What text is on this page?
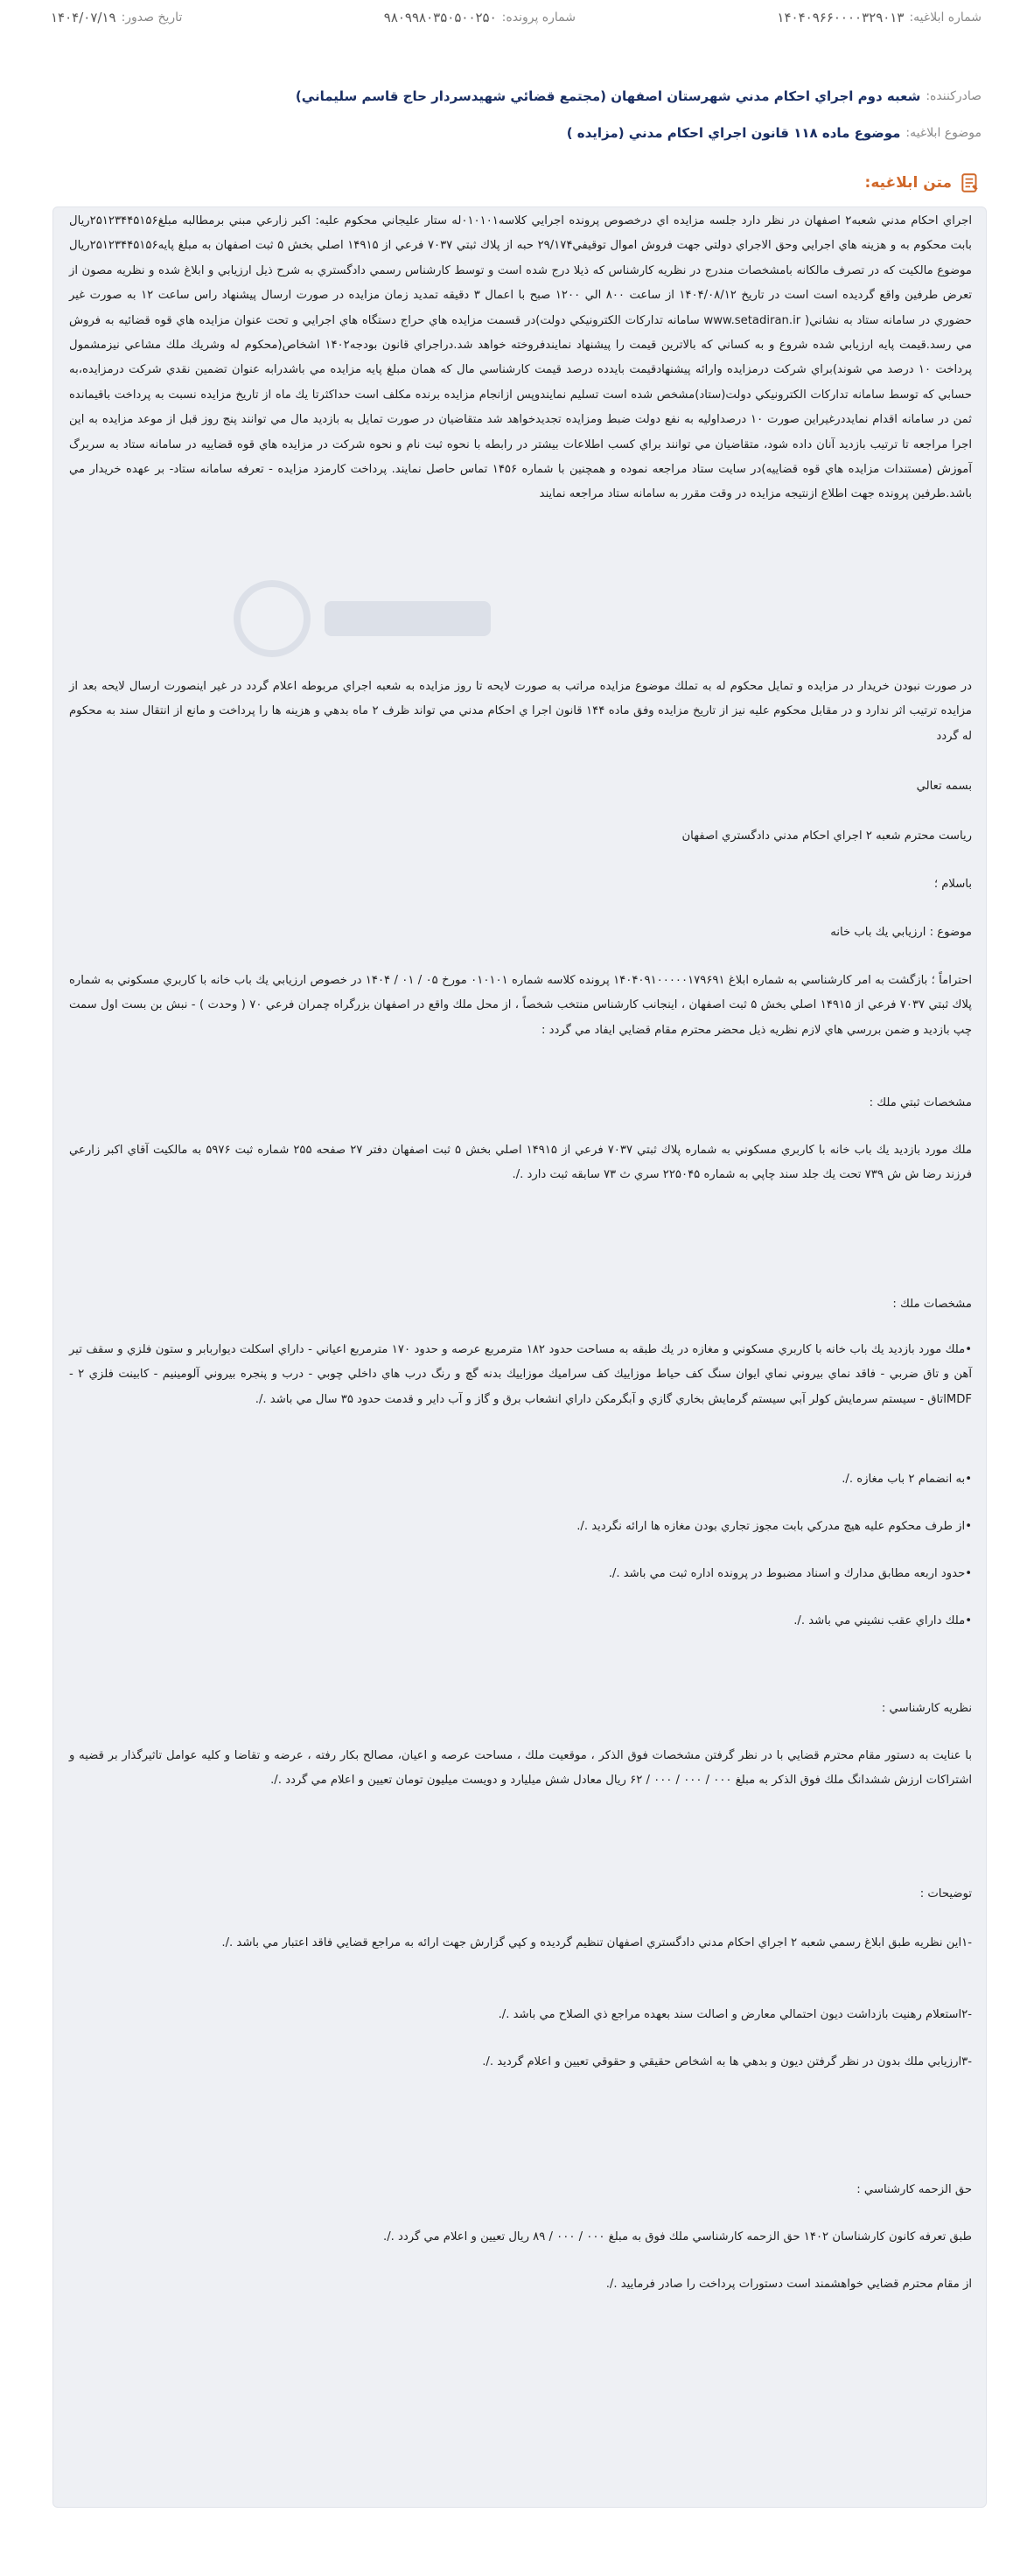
شماره ابلاغيه:
۱۴۰۴۰۹۶۶۰۰۰۰۳۲۹۰۱۳
شماره پرونده:
۹۸۰۹۹۸۰۳۵۰۵۰۰۲۵۰
تاريخ صدور:
۱۴۰۴/۰۷/۱۹
صادركننده:
شعبه دوم اجراي احكام مدني شهرستان اصفهان (مجتمع قضائي شهيدسردار حاج قاسم سليماني)
موضوع ابلاغيه:
موضوع ماده ۱۱۸ قانون اجراي احكام مدني (مزايده )
متن ابلاغيه:

اجراي احكام مدني شعبه۲ اصفهان در نظر دارد جلسه مزايده اي درخصوص پرونده اجرايي كلاسه۰۱۰۱۰۱له ستار عليجاني محكوم عليه: اكبر زارعي مبني برمطالبه مبلغ۲۵۱۲۳۴۴۵۱۵۶ريال بابت محكوم به و هزينه هاي اجرايي وحق الاجراي دولتي جهت فروش اموال توقيفي۲۹/۱۷۴ حبه از پلاك ثبتي ۷۰۳۷ فرعي از ۱۴۹۱۵ اصلي بخش ۵ ثبت اصفهان به مبلغ پايه۲۵۱۲۳۴۴۵۱۵۶ريال موضوع مالكيت كه در تصرف مالكانه بامشخصات مندرج در نظريه كارشناس كه ذيلا درج شده است و توسط كارشناس رسمي دادگستري به شرح ذيل ارزيابي و ابلاغ شده و نظريه مصون از تعرض طرفين واقع گرديده است است در تاريخ ۱۴۰۴/۰۸/۱۲ از ساعت ۸۰۰ الي ۱۲۰۰ صبح با اعمال ۳ دقيقه تمديد زمان مزايده در صورت ارسال پيشنهاد راس ساعت ۱۲ به صورت غير حضوري در سامانه ستاد به نشاني( www.setadiran.ir سامانه تداركات الكترونيكي دولت)در قسمت مزايده هاي حراج دستگاه هاي اجرايي و تحت عنوان مزايده هاي قوه قضائيه به فروش مي رسد.قيمت پايه ارزيابي شده شروع و به كساني كه بالاترين قيمت را پيشنهاد نمايندفروخته خواهد شد.دراجراي قانون بودجه۱۴۰۲ اشخاص(محكوم له وشريك ملك مشاعي نيزمشمول پرداخت ۱۰ درصد مي شوند)براي شركت درمزايده وارائه پيشنهادقيمت بايدده درصد قيمت كارشناسي مال كه همان مبلغ پايه مزايده مي باشدرابه عنوان تضمين نقدي شركت درمزايده،به حسابي كه توسط سامانه تداركات الكترونيكي دولت(ستاد)مشخص شده است تسليم نمايندوپس ازانجام مزايده برنده مكلف است حداكثرتا يك ماه از تاريخ مزايده نسبت به پرداخت باقيمانده ثمن در سامانه اقدام نمايددرغيراين صورت ۱۰ درصداوليه به نفع دولت ضبط ومزايده تجديدخواهد شد متقاضيان در صورت تمايل به بازديد مال مي توانند پنج روز قبل از موعد مزايده به اين اجرا مراجعه تا ترتيب بازديد آنان داده شود، متقاضيان مي توانند براي كسب اطلاعات بيشتر در رابطه با نحوه ثبت نام و نحوه شركت در مزايده هاي قوه قضاييه در سامانه ستاد به سربرگ آموزش (مستندات مزايده هاي قوه قضاييه)در سايت ستاد مراجعه نموده و همچنين با شماره ۱۴۵۶ تماس حاصل نمايند. پرداخت كارمزد مزايده - تعرفه سامانه ستاد- بر عهده خريدار مي باشد.طرفين پرونده جهت اطلاع ازنتيجه مزايده در وقت مقرر به سامانه ستاد مراجعه نمايند

در صورت نبودن خريدار در مزايده و تمايل محكوم له به تملك موضوع مزايده مراتب به صورت لايحه تا روز مزايده به شعبه اجراي مربوطه اعلام گردد در غير اينصورت ارسال لايحه بعد از مزايده ترتيب اثر ندارد و در مقابل محكوم عليه نيز از تاريخ مزايده وفق ماده ۱۴۴ قانون اجرا ي احكام مدني مي تواند ظرف ۲ ماه بدهي و هزينه ها را پرداخت و مانع از انتقال سند به محكوم له گردد

بسمه تعالي

رياست محترم شعبه ۲ اجراي احكام مدني دادگستري اصفهان

باسلام ؛

موضوع : ارزيابي يك باب خانه

احتراماً ؛ بازگشت به امر كارشناسي به شماره ابلاغ ۱۴۰۴۰۹۱۰۰۰۰۰۱۷۹۶۹۱ پرونده كلاسه شماره ۰۱۰۱۰۱ مورخ ۰۵ / ۰۱ / ۱۴۰۴ در خصوص ارزيابي يك باب خانه با كاربري مسكوني به شماره پلاك ثبتي ۷۰۳۷ فرعي از ۱۴۹۱۵ اصلي بخش ۵ ثبت اصفهان ، اينجانب كارشناس منتخب شخصاً ، از محل ملك واقع در اصفهان بزرگراه چمران فرعي ۷۰ ( وحدت ) - نبش بن بست اول سمت چپ بازديد و ضمن بررسي هاي لازم نظريه ذيل محضر محترم مقام قضايي ايفاد مي گردد :

مشخصات ثبتي ملك :

ملك مورد بازديد يك باب خانه با كاربري مسكوني به شماره پلاك ثبتي ۷۰۳۷ فرعي از ۱۴۹۱۵ اصلي بخش ۵ ثبت اصفهان دفتر ۲۷ صفحه ۲۵۵ شماره ثبت ۵۹۷۶ به مالكيت آقاي اكبر زارعي فرزند رضا ش ش ۷۳۹ تحت يك جلد سند چاپي به شماره ۲۲۵۰۴۵ سري ث ۷۳ سابقه ثبت دارد ./.

مشخصات ملك :

•ملك مورد بازديد يك باب خانه با كاربري مسكوني و مغازه در يك طبقه به مساحت حدود ۱۸۲ مترمربع عرصه و حدود ۱۷۰ مترمربع اعياني - داراي اسكلت ديواربابر و ستون فلزي و سقف تير آهن و تاق ضربي - فاقد نماي بيروني نماي ايوان سنگ كف حياط موزاييك كف سراميك موزاييك بدنه گچ و رنگ درب هاي داخلي چوبي - درب و پنجره بيروني آلومينيم - كابينت فلزي ۲ - MDFاتاق - سيستم سرمايش كولر آبي سيستم گرمايش بخاري گازي و آبگرمكن داراي انشعاب برق و گاز و آب داير و قدمت حدود ۳۵ سال مي باشد ./.

•به انضمام ۲ باب مغازه ./.

•از طرف محكوم عليه هيچ مدركي بابت مجوز تجاري بودن مغازه ها ارائه نگرديد ./.

•حدود اربعه مطابق مدارك و اسناد مضبوط در پرونده اداره ثبت مي باشد ./.

•ملك داراي عقب نشيني مي باشد ./.

نظريه كارشناسي :

با عنايت به دستور مقام محترم قضايي با در نظر گرفتن مشخصات فوق الذكر ، موقعيت ملك ، مساحت عرصه و اعيان، مصالح بكار رفته ، عرضه و تقاضا و كليه عوامل تاثيرگذار بر قضيه و اشتراكات ارزش ششدانگ ملك فوق الذكر به مبلغ ۰۰۰ / ۰۰۰ / ۰۰۰ / ۶۲ ريال معادل شش ميلیارد و دويست ميليون تومان تعيين و اعلام مي گردد ./.

توضيحات :

-۱اين نظريه طبق ابلاغ رسمي شعبه ۲ اجراي احكام مدني دادگستري اصفهان تنظيم گرديده و كپي گزارش جهت ارائه به مراجع قضايي فاقد اعتبار مي باشد ./.

-۲استعلام رهنيت بازداشت ديون احتمالي معارض و اصالت سند بعهده مراجع ذي الصلاح مي باشد ./.

-۳ارزيابي ملك بدون در نظر گرفتن ديون و بدهي ها به اشخاص حقيقي و حقوقي تعيين و اعلام گرديد ./.

حق الزحمه كارشناسي :

طبق تعرفه كانون كارشناسان ۱۴۰۲ حق الزحمه كارشناسي ملك فوق به مبلغ ۰۰۰ / ۰۰۰ / ۸۹ ريال تعيين و اعلام مي گردد ./.

از مقام محترم قضايي خواهشمند است دستورات پرداخت را صادر فرماييد ./.
